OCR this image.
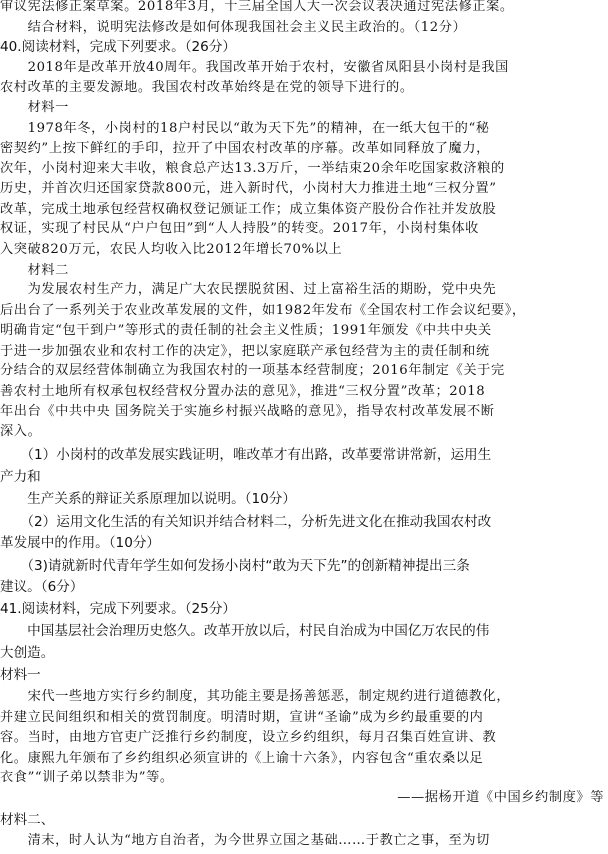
审议宪法修正案草案。2018年3月，十三届全国人大一次会议表决通过宪法修正案。
　　结合材料，说明宪法修改是如何体现我国社会主义民主政治的。（12分）
40.阅读材料，完成下列要求。（26分）
　　2018年是改革开放40周年。我国改革开始于农村，安徽省凤阳县小岗村是我国
农村改革的主要发源地。我国农村改革始终是在党的领导下进行的。
　　材料一
　　1978年冬，小岗村的18户村民以“敢为天下先”的精神，在一纸大包干的“秘
密契约”上按下鲜红的手印，拉开了中国农村改革的序幕。改革如同释放了魔力，
次年，小岗村迎来大丰收，粮食总产达13.3万斤，一举结束20余年吃国家救济粮的
历史，并首次归还国家贷款800元，进入新时代，小岗村大力推进土地“三权分置”
改革，完成土地承包经营权确权登记颁证工作；成立集体资产股份合作社并发放股
权证，实现了村民从“户户包田”到“人人持股”的转变。2017年，小岗村集体收
入突破820万元，农民人均收入比2012年增长70%以上
　　材料二
　　为发展农村生产力，满足广大农民摆脱贫困、过上富裕生活的期盼，党中央先
后出台了一系列关于农业改革发展的文件，如1982年发布《全国农村工作会议纪要》，
明确肯定“包干到户”等形式的责任制的社会主义性质；1991年颁发《中共中央关
于进一步加强农业和农村工作的决定》，把以家庭联产承包经营为主的责任制和统
分结合的双层经营体制确立为我国农村的一项基本经营制度；2016年制定《关于完
善农村土地所有权承包权经营权分置办法的意见》，推进“三权分置”改革；2018
年出台《中共中央 国务院关于实施乡村振兴战略的意见》，指导农村改革发展不断
深入。
　　（1）小岗村的改革发展实践证明，唯改革才有出路，改革要常讲常新，运用生
产力和
　　生产关系的辩证关系原理加以说明。（10分）
　　（2）运用文化生活的有关知识并结合材料二，分析先进文化在推动我国农村改
革发展中的作用。（10分）
　　（3)请就新时代青年学生如何发扬小岗村“敢为天下先”的创新精神提出三条
建议。（6分）
41.阅读材料，完成下列要求。（25分）
　　中国基层社会治理历史悠久。改革开放以后，村民自治成为中国亿万农民的伟
大创造。
材料一
　　宋代一些地方实行乡约制度，其功能主要是扬善惩恶，制定规约进行道德教化，
并建立民间组织和相关的赏罚制度。明清时期，宣讲“圣谕”成为乡约最重要的内
容。当时，由地方官吏广泛推行乡约制度，设立乡约组织，每月召集百姓宣讲、教
化。康熙九年颁布了乡约组织必须宣讲的《上谕十六条》，内容包含“重农桑以足
衣食”“训子弟以禁非为”等。
——据杨开道《中国乡约制度》等
材料二、
　　清末，时人认为“地方自治者，为今世界立国之基础……于教亡之事，至为切
